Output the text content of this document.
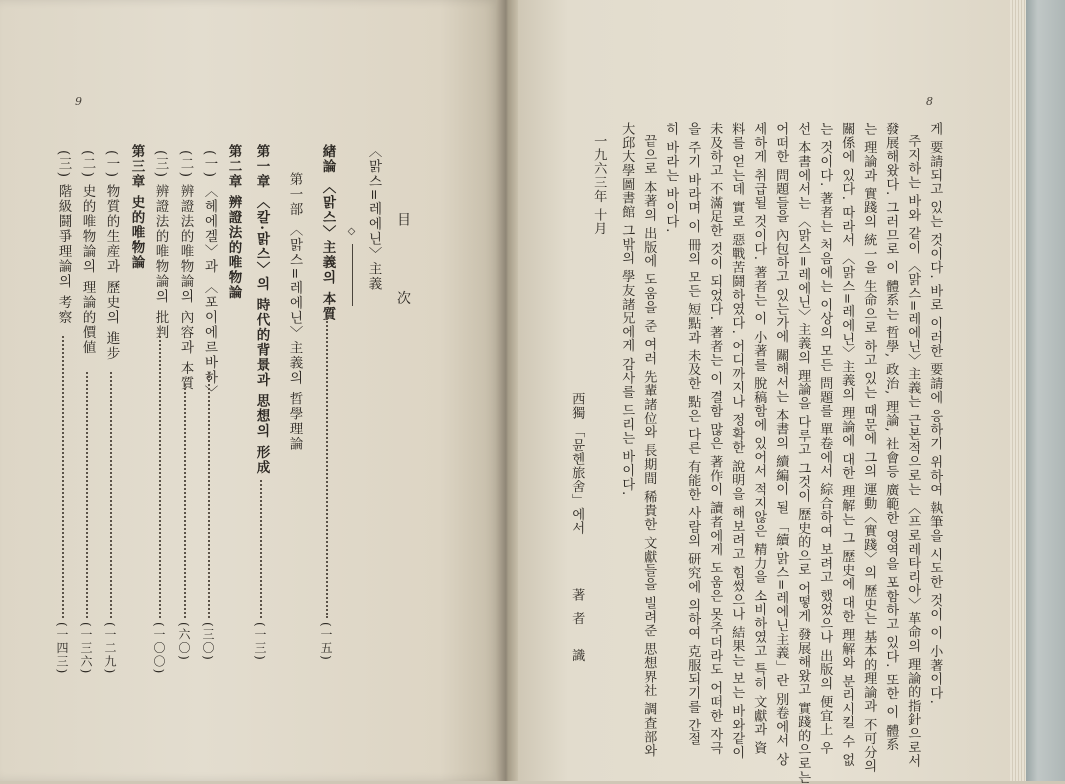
9
目 次
〈맑스=레에닌〉主義
◇
緖論 〈맑스〉主義의 本質
(一五)
第一部 〈맑스=레에닌〉主義의 哲學理論
第一章 〈칼·맑스〉의 時代的背景과 思想의 形成
(一三)
第二章 辨證法的唯物論
(一) 〈헤에겔〉과 〈포이에르바하〉
(三〇)
(二) 辨證法的唯物論의 內容과 本質
(六〇)
(三) 辨證法的唯物論의 批判
(一〇〇)
第三章 史的唯物論
(一) 物質的生産과 歷史의 進步
(一二九)
(二) 史的唯物論의 理論的價値
(一三六)
(三) 階級鬪爭理論의 考察
(一四三)
8
게 要請되고 있는 것이다. 바로 이러한 要請에 응하기 위하여 執筆을 시도한 것이 이 小著이다.
주지하는 바와 같이 〈맑스=레에닌〉主義는 근본적으로는 〈프로레타리아〉革命의 理論的指針으로서
發展해왔다. 그러므로 이 體系는 哲學, 政治, 理論, 社會등 廣範한 영역을 포함하고 있다. 또한 이 體系
는 理論과 實踐의 統一을 生命으로 하고 있는 때문에 그의 運動〈實踐〉의 歷史는 基本的理論과 不可分의
關係에 있다. 따라서 〈맑스=레에닌〉主義의 理論에 대한 理解는 그 歷史에 대한 理解와 분리시킬 수 없
는 것이다. 著者는 처음에는 이상의 모든 問題를 單卷에서 綜合하여 보려고 했었으나 出版의 便宜上 우
선 本書에서는 〈맑스=레에닌〉主義의 理論을 다루고 그것이 歷史的으로 어떻게 發展해왔고 實踐的으로는
어떠한 問題들을 內包하고 있는가에 關해서는 本書의 續編이 될 「續·맑스=레에닌主義」란 別卷에서 상
세하게 취급될 것이다. 著者는 이 小著를 脫稿함에 있어서 적지않은 精力을 소비하였고 특히 文獻과 資
料를 얻는데 實로 惡戰苦鬪하였다. 어디까지나 정확한 說明을 해보려고 힘썼으나 結果는 보는 바와같이
未及하고 不滿足한 것이 되었다. 著者는 이 결함 많은 著作이 讀者에게 도움은 못주더라도 어떠한 자극
을 주기 바라며 이 冊의 모든 短點과 未及한 點은 다른 有能한 사람의 研究에 의하여 克服되기를 간절
히 바라는 바이다.
끝으로 本著의 出版에 도움을 준 여러 先輩諸位와 長期間 稀貴한 文獻들을 빌려준 思想界社 調査部와
大邱大學圖書館 그밖의 學友諸兄에게 감사를 드리는 바이다.
一九六三年 十月
西獨 「뮨헨旅舍」에서
著者 識
